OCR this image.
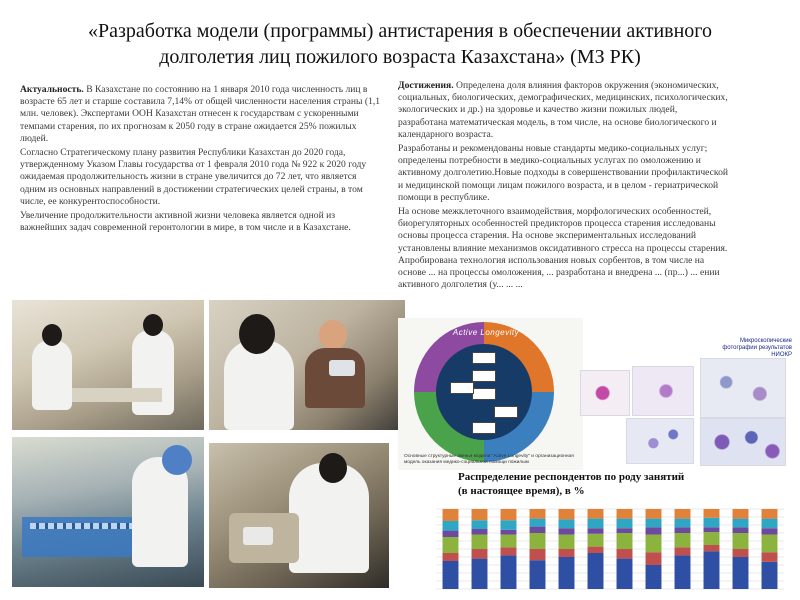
«Разработка модели (программы) антистарения в обеспечении активного
долголетия лиц пожилого возраста Казахстана» (МЗ РК)

Актуальность. В Казахстане по состоянию на 1 января 2010 года численность лиц в возрасте 65 лет и старше составила 7,14% от общей численности населения страны (1,1 млн. человек). Экспертами ООН Казахстан отнесен к государствам с ускоренными темпами старения, по их прогнозам к 2050 году в стране ожидается 25% пожилых людей.

Согласно Стратегическому плану развития Республики Казахстан до 2020 года, утвержденному Указом Главы государства от 1 февраля 2010 года № 922 к 2020 году ожидаемая продолжительность жизни в стране увеличится до 72 лет, что является одним из основных направлений в достижении стратегических целей страны, в том числе, ее конкурентоспособности.

Увеличение продолжительности активной жизни человека является одной из важнейших задач современной геронтологии в мире, в том числе и в Казахстане.

Достижения. Определена доля влияния факторов окружения (экономических, социальных, биологических, демографических, медицинских, психологических, экологических и др.) на здоровье и качество жизни пожилых людей, разработана математическая модель, в том числе, на основе биологического и календарного возраста.

Разработаны и рекомендованы новые стандарты медико-социальных услуг; определены потребности в медико-социальных услугах по омоложению и активному долголетию.Новые подходы в совершенствовании профилактической и медицинской помощи лицам пожилого возраста, и в целом - гериатрической помощи в республике.

На основе межклеточного взаимодействия, морфологических особенностей, биорегуляторных особенностей предикторов процесса старения исследованы основы процесса старения. На основе экспериментальных исследований установлены влияние механизмов оксидативного стресса на процессы старения. Апробирована технология использования новых сорбентов, в том числе на основе ... на процессы омоложения, ... разработана и внедрена ... (пр...) ... ении активного долголетия (у... ... ...

Active Longevity
Основные структурные звенья модели "Active Longevity" и организационная модель оказания медико-социальной помощи пожилым
Микроскопические фотографии результатов НИОКР
Распределение респондентов по роду занятий
(в настоящее время), в %
